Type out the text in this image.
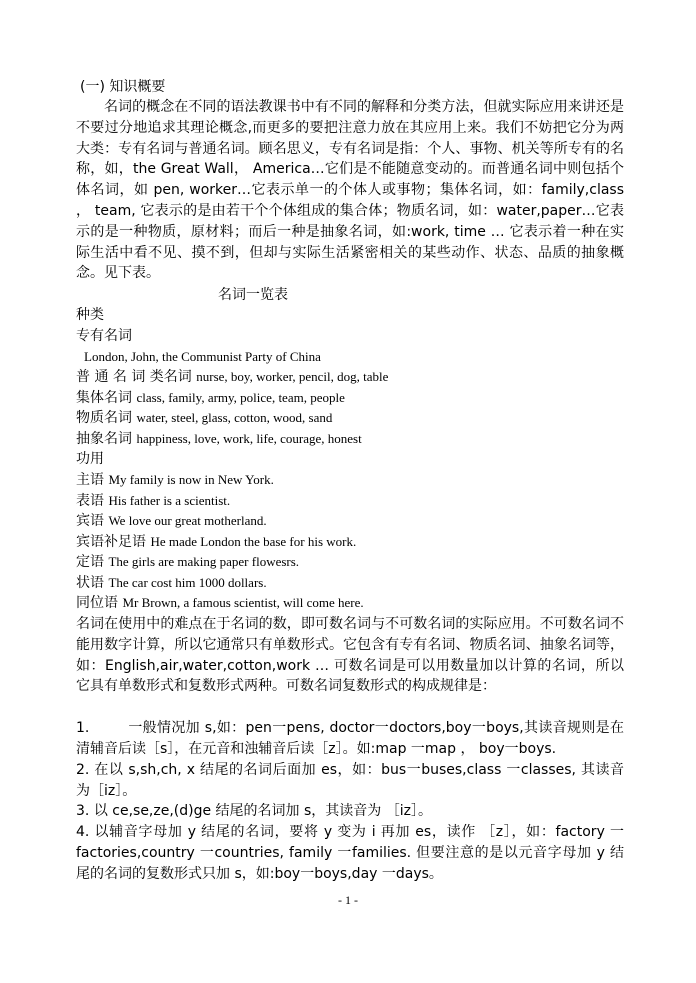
(一) 知识概要
名词的概念在不同的语法教课书中有不同的解释和分类方法，但就实际应用来讲还是不要过分地追求其理论概念,而更多的要把注意力放在其应用上来。我们不妨把它分为两大类：专有名词与普通名词。顾名思义，专有名词是指：个人、事物、机关等所专有的名称，如，the Great Wall， America…它们是不能随意变动的。而普通名词中则包括个体名词，如 pen, worker…它表示单一的个体人或事物；集体名词，如：family,class ， team, 它表示的是由若干个个体组成的集合体；物质名词，如：water,paper…它表示的是一种物质，原材料；而后一种是抽象名词，如:work, time … 它表示着一种在实际生活中看不见、摸不到，但却与实际生活紧密相关的某些动作、状态、品质的抽象概念。见下表。
名词一览表
种类
专有名词
London, John, the Communist Party of China
普 通 名 词 类名词 nurse, boy, worker, pencil, dog, table
集体名词 class, family, army, police, team, people
物质名词 water, steel, glass, cotton, wood, sand
抽象名词 happiness, love, work, life, courage, honest
功用
主语 My family is now in New York.
表语 His father is a scientist.
宾语 We love our great motherland.
宾语补足语 He made London the base for his work.
定语 The girls are making paper flowesrs.
状语 The car cost him 1000 dollars.
同位语 Mr Brown, a famous scientist, will come here.
名词在使用中的难点在于名词的数，即可数名词与不可数名词的实际应用。不可数名词不能用数字计算，所以它通常只有单数形式。它包含有专有名词、物质名词、抽象名词等，如：English,air,water,cotton,work … 可数名词是可以用数量加以计算的名词，所以它具有单数形式和复数形式两种。可数名词复数形式的构成规律是：
1.	一般情况加 s,如：pen一pens, doctor一doctors,boy一boys,其读音规则是在清辅音后读［s］，在元音和浊辅音后读［z］。如:map 一map ， boy一boys.
2. 在以 s,sh,ch, x 结尾的名词后面加 es，如：bus一buses,class 一classes, 其读音为［iz］。
3. 以 ce,se,ze,(d)ge 结尾的名词加 s，其读音为 ［iz］。
4. 以辅音字母加 y 结尾的名词，要将 y 变为 i 再加 es，读作 ［z］，如：factory 一factories,country 一countries, family 一families. 但要注意的是以元音字母加 y 结尾的名词的复数形式只加 s，如:boy一boys,day 一days。
- 1 -
